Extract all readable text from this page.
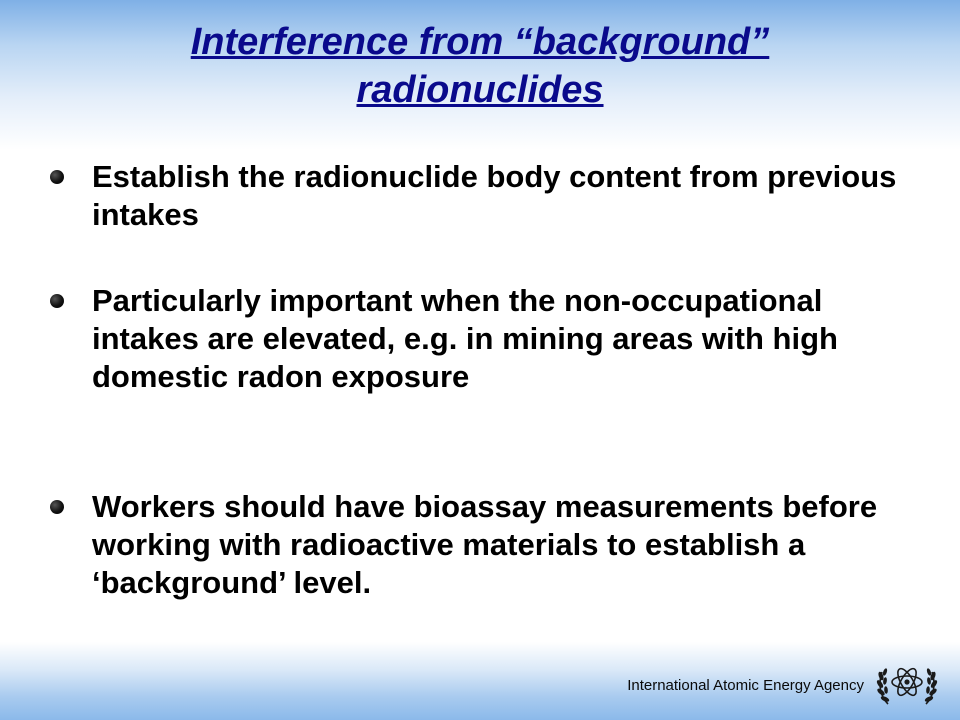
Interference from “background”
radionuclides
Establish the radionuclide body content from previous intakes
Particularly important when the non-occupational intakes are elevated, e.g. in mining areas with high domestic radon exposure
Workers should have bioassay measurements before working with radioactive materials to establish a ‘background’ level.
International Atomic Energy Agency
